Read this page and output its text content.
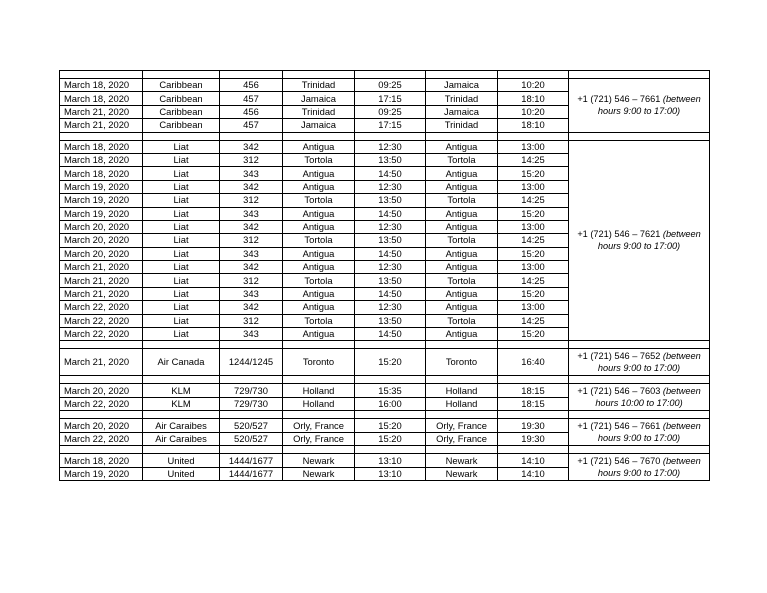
March 18, 2020	Caribbean	456	Trinidad	09:25	Jamaica	10:20	+1 (721) 546 – 7661 (between hours 9:00 to 17:00)
March 18, 2020	Caribbean	457	Jamaica	17:15	Trinidad	18:10	
March 21, 2020	Caribbean	456	Trinidad	09:25	Jamaica	10:20	
March 21, 2020	Caribbean	457	Jamaica	17:15	Trinidad	18:10	

March 18, 2020	Liat	342	Antigua	12:30	Antigua	13:00	+1 (721) 546 – 7621 (between hours 9:00 to 17:00)
March 18, 2020	Liat	312	Tortola	13:50	Tortola	14:25	
March 18, 2020	Liat	343	Antigua	14:50	Antigua	15:20	
March 19, 2020	Liat	342	Antigua	12:30	Antigua	13:00	
March 19, 2020	Liat	312	Tortola	13:50	Tortola	14:25	
March 19, 2020	Liat	343	Antigua	14:50	Antigua	15:20	
March 20, 2020	Liat	342	Antigua	12:30	Antigua	13:00	
March 20, 2020	Liat	312	Tortola	13:50	Tortola	14:25	
March 20, 2020	Liat	343	Antigua	14:50	Antigua	15:20	
March 21, 2020	Liat	342	Antigua	12:30	Antigua	13:00	
March 21, 2020	Liat	312	Tortola	13:50	Tortola	14:25	
March 21, 2020	Liat	343	Antigua	14:50	Antigua	15:20	
March 22, 2020	Liat	342	Antigua	12:30	Antigua	13:00	
March 22, 2020	Liat	312	Tortola	13:50	Tortola	14:25	
March 22, 2020	Liat	343	Antigua	14:50	Antigua	15:20	

March 21, 2020	Air Canada	1244/1245	Toronto	15:20	Toronto	16:40	+1 (721) 546 – 7652 (between hours 9:00 to 17:00)

March 20, 2020	KLM	729/730	Holland	15:35	Holland	18:15	+1 (721) 546 – 7603 (between hours 10:00 to 17:00)
March 22, 2020	KLM	729/730	Holland	16:00	Holland	18:15	

March 20, 2020	Air Caraibes	520/527	Orly, France	15:20	Orly, France	19:30	+1 (721) 546 – 7661 (between hours 9:00 to 17:00)
March 22, 2020	Air Caraibes	520/527	Orly, France	15:20	Orly, France	19:30	

March 18, 2020	United	1444/1677	Newark	13:10	Newark	14:10	+1 (721) 546 – 7670 (between hours 9:00 to 17:00)
March 19, 2020	United	1444/1677	Newark	13:10	Newark	14:10	
